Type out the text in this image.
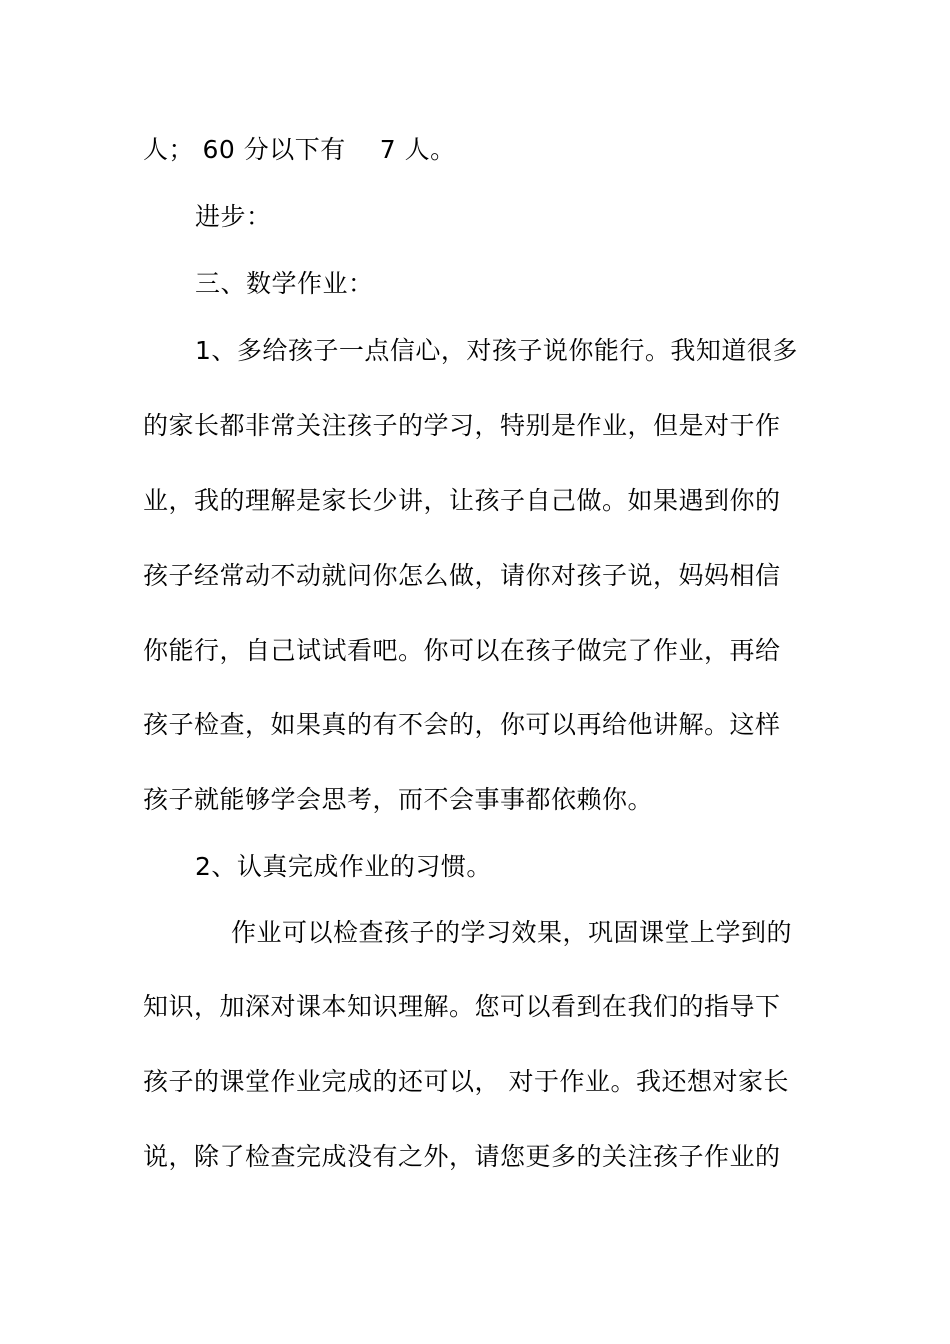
人； 60 分以下有 7 人。
进步：
三、数学作业：
1、多给孩子一点信心，对孩子说你能行。我知道很多
的家长都非常关注孩子的学习，特别是作业，但是对于作
业，我的理解是家长少讲，让孩子自己做。如果遇到你的
孩子经常动不动就问你怎么做，请你对孩子说，妈妈相信
你能行，自己试试看吧。你可以在孩子做完了作业，再给
孩子检查，如果真的有不会的，你可以再给他讲解。这样
孩子就能够学会思考，而不会事事都依赖你。
2、认真完成作业的习惯。
作业可以检查孩子的学习效果，巩固课堂上学到的
知识，加深对课本知识理解。您可以看到在我们的指导下
孩子的课堂作业完成的还可以， 对于作业。我还想对家长
说，除了检查完成没有之外，请您更多的关注孩子作业的
